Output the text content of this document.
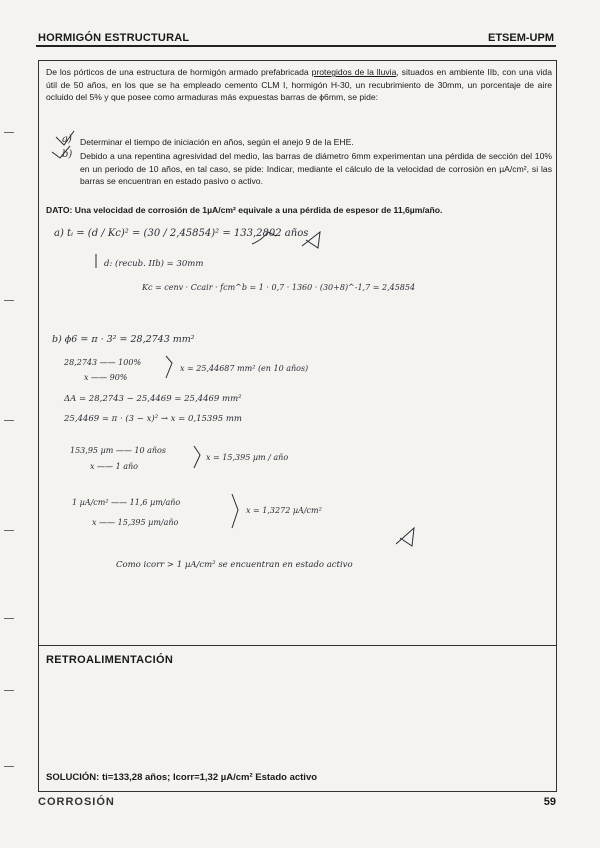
HORMIGÓN ESTRUCTURAL	ETSEM-UPM
De los pórticos de una estructura de hormigón armado prefabricada protegidos de la lluvia, situados en ambiente IIb, con una vida útil de 50 años, en los que se ha empleado cemento CLM I, hormigón H-30, un recubrimiento de 30mm, un porcentaje de aire ocluido del 5% y que posee como armaduras más expuestas barras de ϕ6mm, se pide:
a) Determinar el tiempo de iniciación en años, según el anejo 9 de la EHE.
b) Debido a una repentina agresividad del medio, las barras de diámetro 6mm experimentan una pérdida de sección del 10% en un periodo de 10 años, en tal caso, se pide: Indicar, mediante el cálculo de la velocidad de corrosión en µA/cm², si las barras se encuentran en estado pasivo o activo.
DATO: Una velocidad de corrosión de 1µA/cm² equivale a una pérdida de espesor de 11,6µm/año.
a) tᵢ = (d / Kc)² = (30 / 2,45854)² = 133,2802 años
d: (recub. IIb) = 30mm
Kc = cenv · Ccair · fcm^b = 1 · 0,7 · 1360 · (30+8)^-1,7 = 2,45854
b) ϕ6 = π · 3² = 28,2743 mm²
28,2743 —— 100%
x —— 90%
x = 25,44687 mm² (en 10 años)
ΔA = 28,2743 − 25,4469 = 25,4469 mm²
25,4469 = π · (3 − x)² → x = 0,15395 mm
153,95 µm —— 10 años
x —— 1 año
x = 15,395 µm / año
1 µA/cm² —— 11,6 µm/año
x —— 15,395 µm/año
x = 1,3272 µA/cm²
Como icorr > 1 µA/cm² se encuentran en estado activo
RETROALIMENTACIÓN
SOLUCIÓN: ti=133,28 años; Icorr=1,32 µA/cm² Estado activo
CORROSIÓN	59
